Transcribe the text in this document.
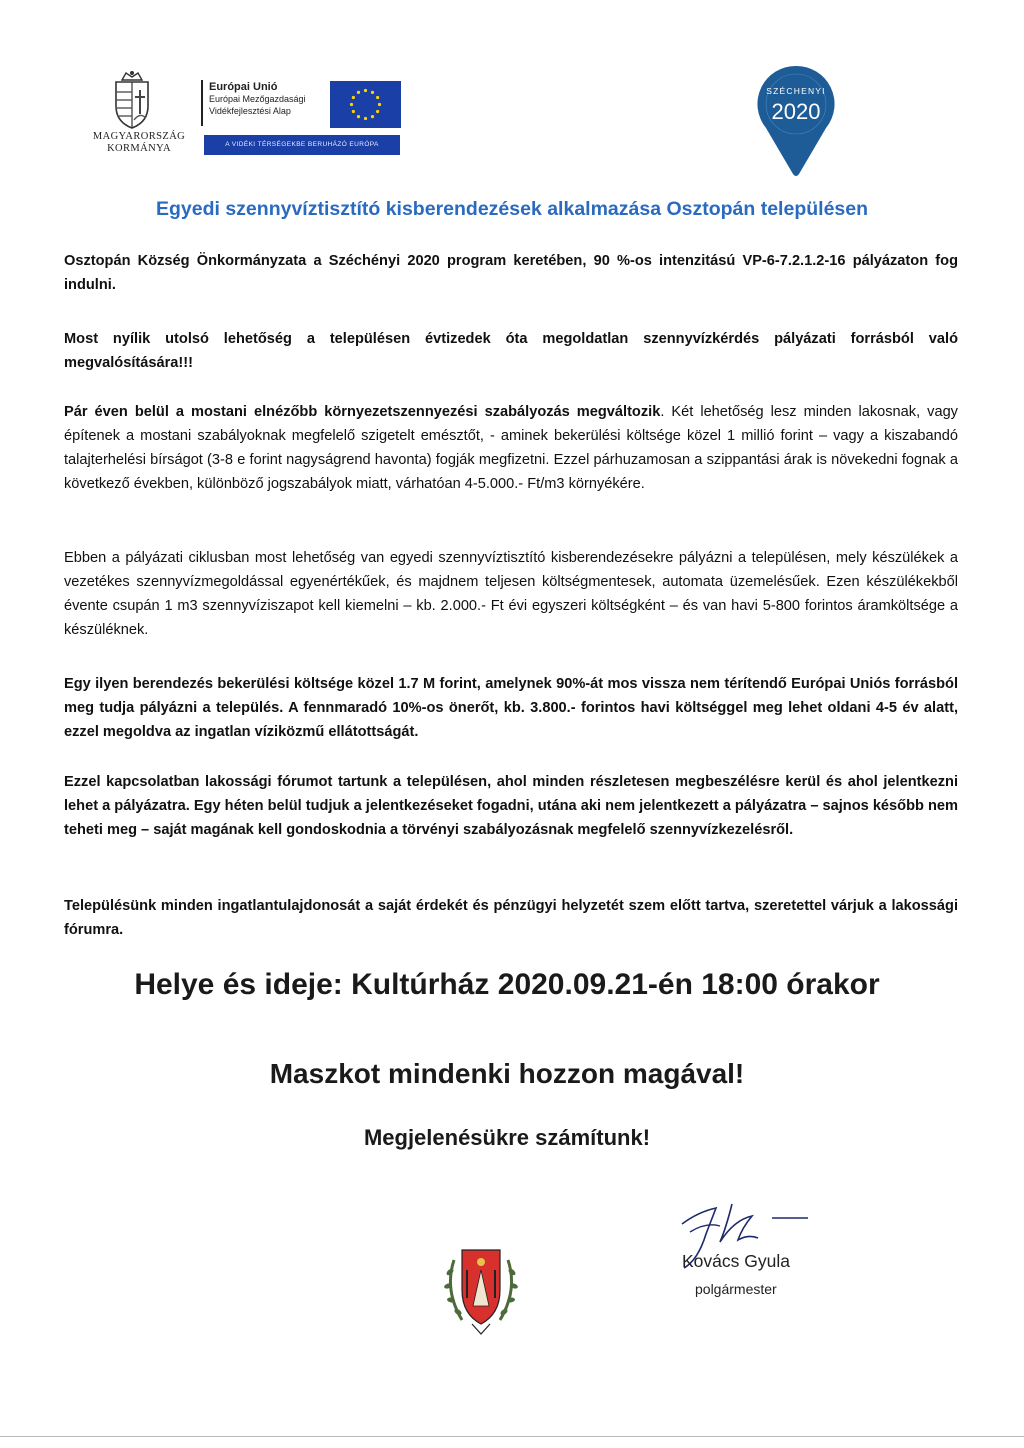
MAGYARORSZÁG
KORMÁNYA
Európai Unió
Európai Mezőgazdasági
Vidékfejlesztési Alap
A VIDÉKI TÉRSÉGEKBE BERUHÁZÓ EURÓPA
SZÉCHENYI
2020
Egyedi szennyvíztisztító kisberendezések alkalmazása Osztopán településen

Osztopán Község Önkormányzata a Széchényi 2020 program keretében, 90 %-os intenzitású VP-6-7.2.1.2-16 pályázaton fog indulni.

Most nyílik utolsó lehetőség a településen évtizedek óta megoldatlan szennyvízkérdés pályázati forrásból való megvalósítására!!!

Pár éven belül a mostani elnézőbb környezetszennyezési szabályozás megváltozik. Két lehetőség lesz minden lakosnak, vagy építenek a mostani szabályoknak megfelelő szigetelt emésztőt, - aminek bekerülési költsége közel 1 millió forint – vagy a kiszabandó talajterhelési bírságot (3-8 e forint nagyságrend havonta) fogják megfizetni. Ezzel párhuzamosan a szippantási árak is növekedni fognak a következő években, különböző jogszabályok miatt, várhatóan 4-5.000.- Ft/m3 környékére.

Ebben a pályázati ciklusban most lehetőség van egyedi szennyvíztisztító kisberendezésekre pályázni a településen, mely készülékek a vezetékes szennyvízmegoldással egyenértékűek, és majdnem teljesen költségmentesek, automata üzemelésűek. Ezen készülékekből évente csupán 1 m3 szennyvíziszapot kell kiemelni – kb. 2.000.- Ft évi egyszeri költségként – és van havi 5-800 forintos áramköltsége a készüléknek.

Egy ilyen berendezés bekerülési költsége közel 1.7 M forint, amelynek 90%-át mos vissza nem térítendő Európai Uniós forrásból meg tudja pályázni a település. A fennmaradó 10%-os önerőt, kb. 3.800.- forintos havi költséggel meg lehet oldani 4-5 év alatt, ezzel megoldva az ingatlan víziközmű ellátottságát.

Ezzel kapcsolatban lakossági fórumot tartunk a településen, ahol minden részletesen megbeszélésre kerül és ahol jelentkezni lehet a pályázatra. Egy héten belül tudjuk a jelentkezéseket fogadni, utána aki nem jelentkezett a pályázatra – sajnos később nem teheti meg – saját magának kell gondoskodnia a törvényi szabályozásnak megfelelő szennyvízkezelésről.

Településünk minden ingatlantulajdonosát a saját érdekét és pénzügyi helyzetét szem előtt tartva, szeretettel várjuk a lakossági fórumra.

Helye és ideje: Kultúrház 2020.09.21-én 18:00 órakor
Maszkot mindenki hozzon magával!
Megjelenésükre számítunk!
Kovács Gyula
polgármester
